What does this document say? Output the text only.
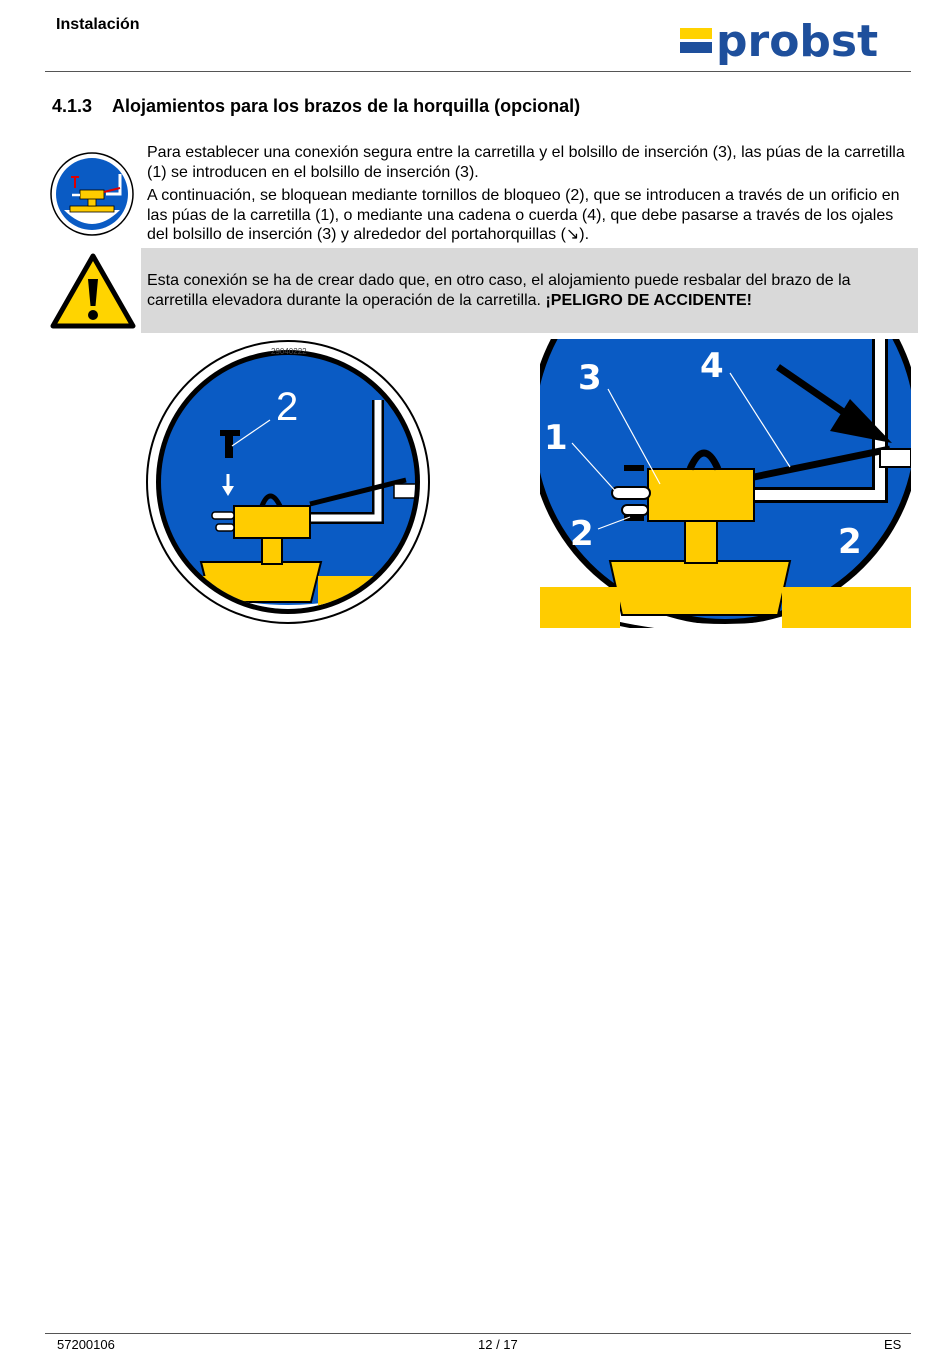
Instalación	probst
4.1.3 Alojamientos para los brazos de la horquilla (opcional)
Para establecer una conexión segura entre la carretilla y el bolsillo de inserción (3), las púas de la carretilla (1) se introducen en el bolsillo de inserción (3).
A continuación, se bloquean mediante tornillos de bloqueo (2), que se introducen a través de un orificio en las púas de la carretilla (1), o mediante una cadena o cuerda (4), que debe pasarse a través de los ojales del bolsillo de inserción (3) y alrededor del portahorquillas (↘).
Esta conexión se ha de crear dado que, en otro caso, el alojamiento puede resbalar del brazo de la carretilla elevadora durante la operación de la carretilla. ¡PELIGRO DE ACCIDENTE!
29040222
2
3	4
1
2	2
57200106	12 / 17	ES
